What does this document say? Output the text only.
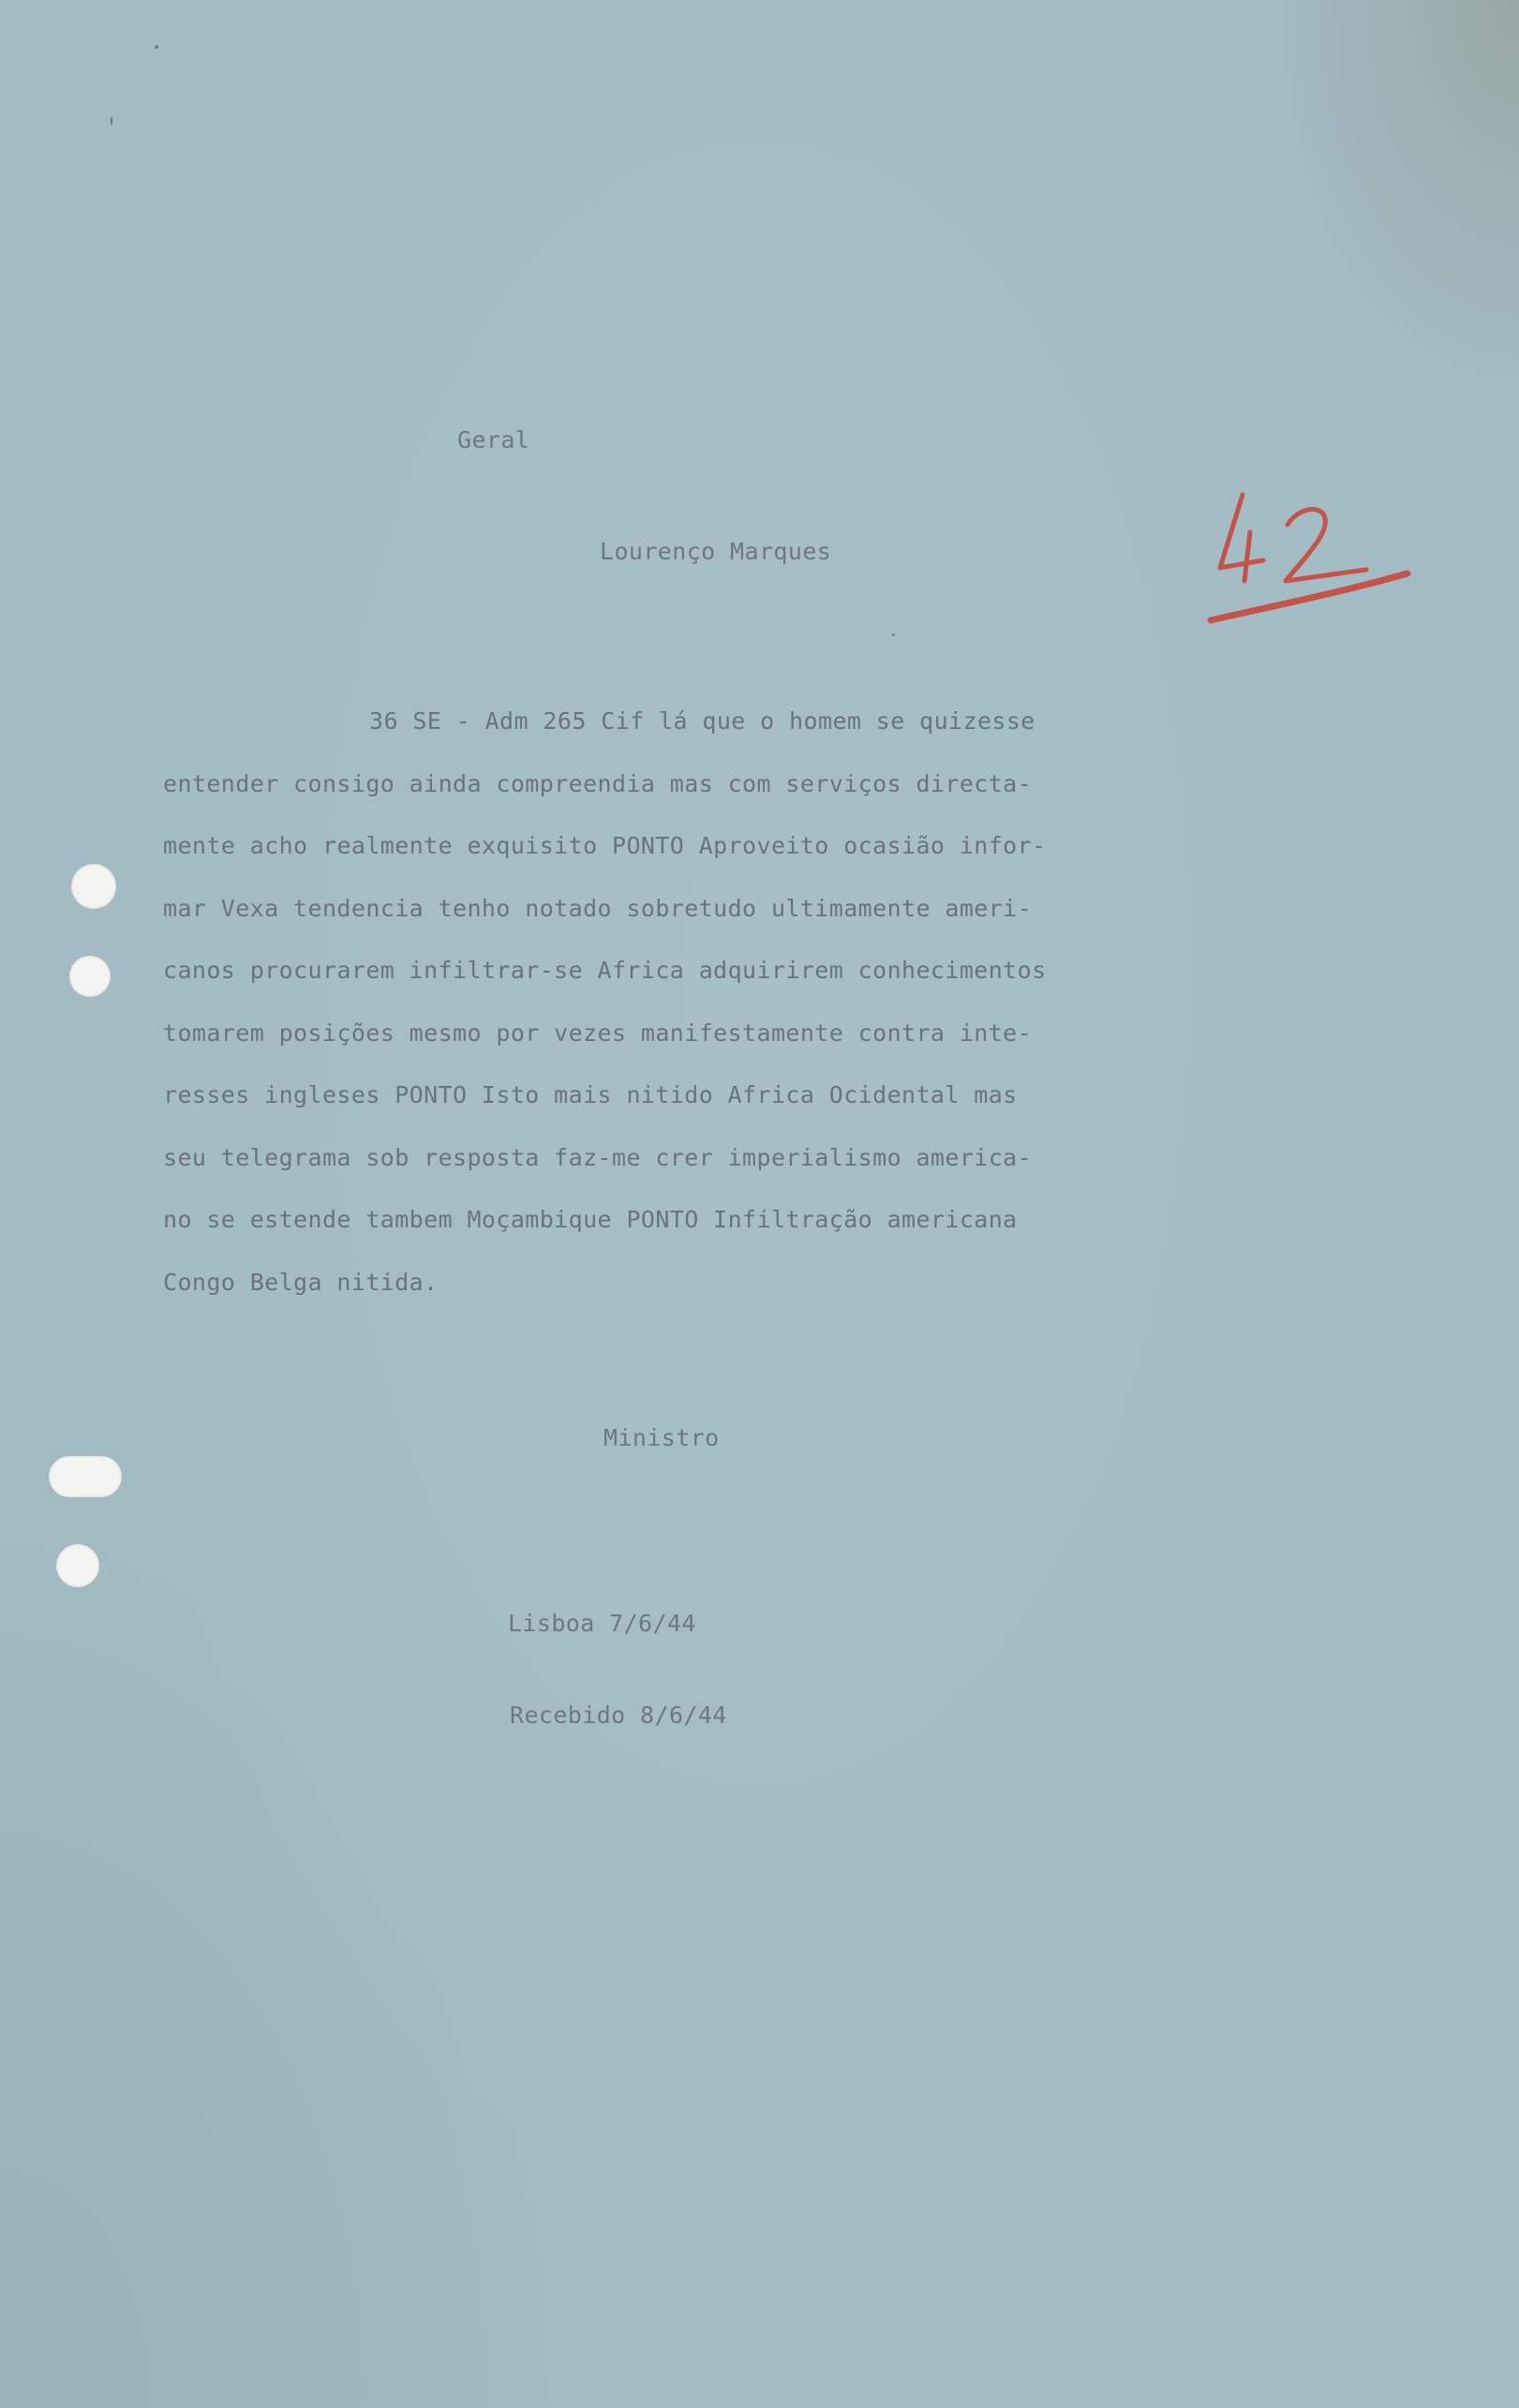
Geral
Lourenço Marques
42
36 SE - Adm 265 Cif lá que o homem se quizesse
entender consigo ainda compreendia mas com serviços directa-
mente acho realmente exquisito PONTO Aproveito ocasião infor-
mar Vexa tendencia tenho notado sobretudo ultimamente ameri-
canos procurarem infiltrar-se Africa adquirirem conhecimentos
tomarem posições mesmo por vezes manifestamente contra inte-
resses ingleses PONTO Isto mais nitido Africa Ocidental mas
seu telegrama sob resposta faz-me crer imperialismo america-
no se estende tambem Moçambique PONTO Infiltração americana
Congo Belga nitida.
Ministro
Lisboa 7/6/44
Recebido 8/6/44
